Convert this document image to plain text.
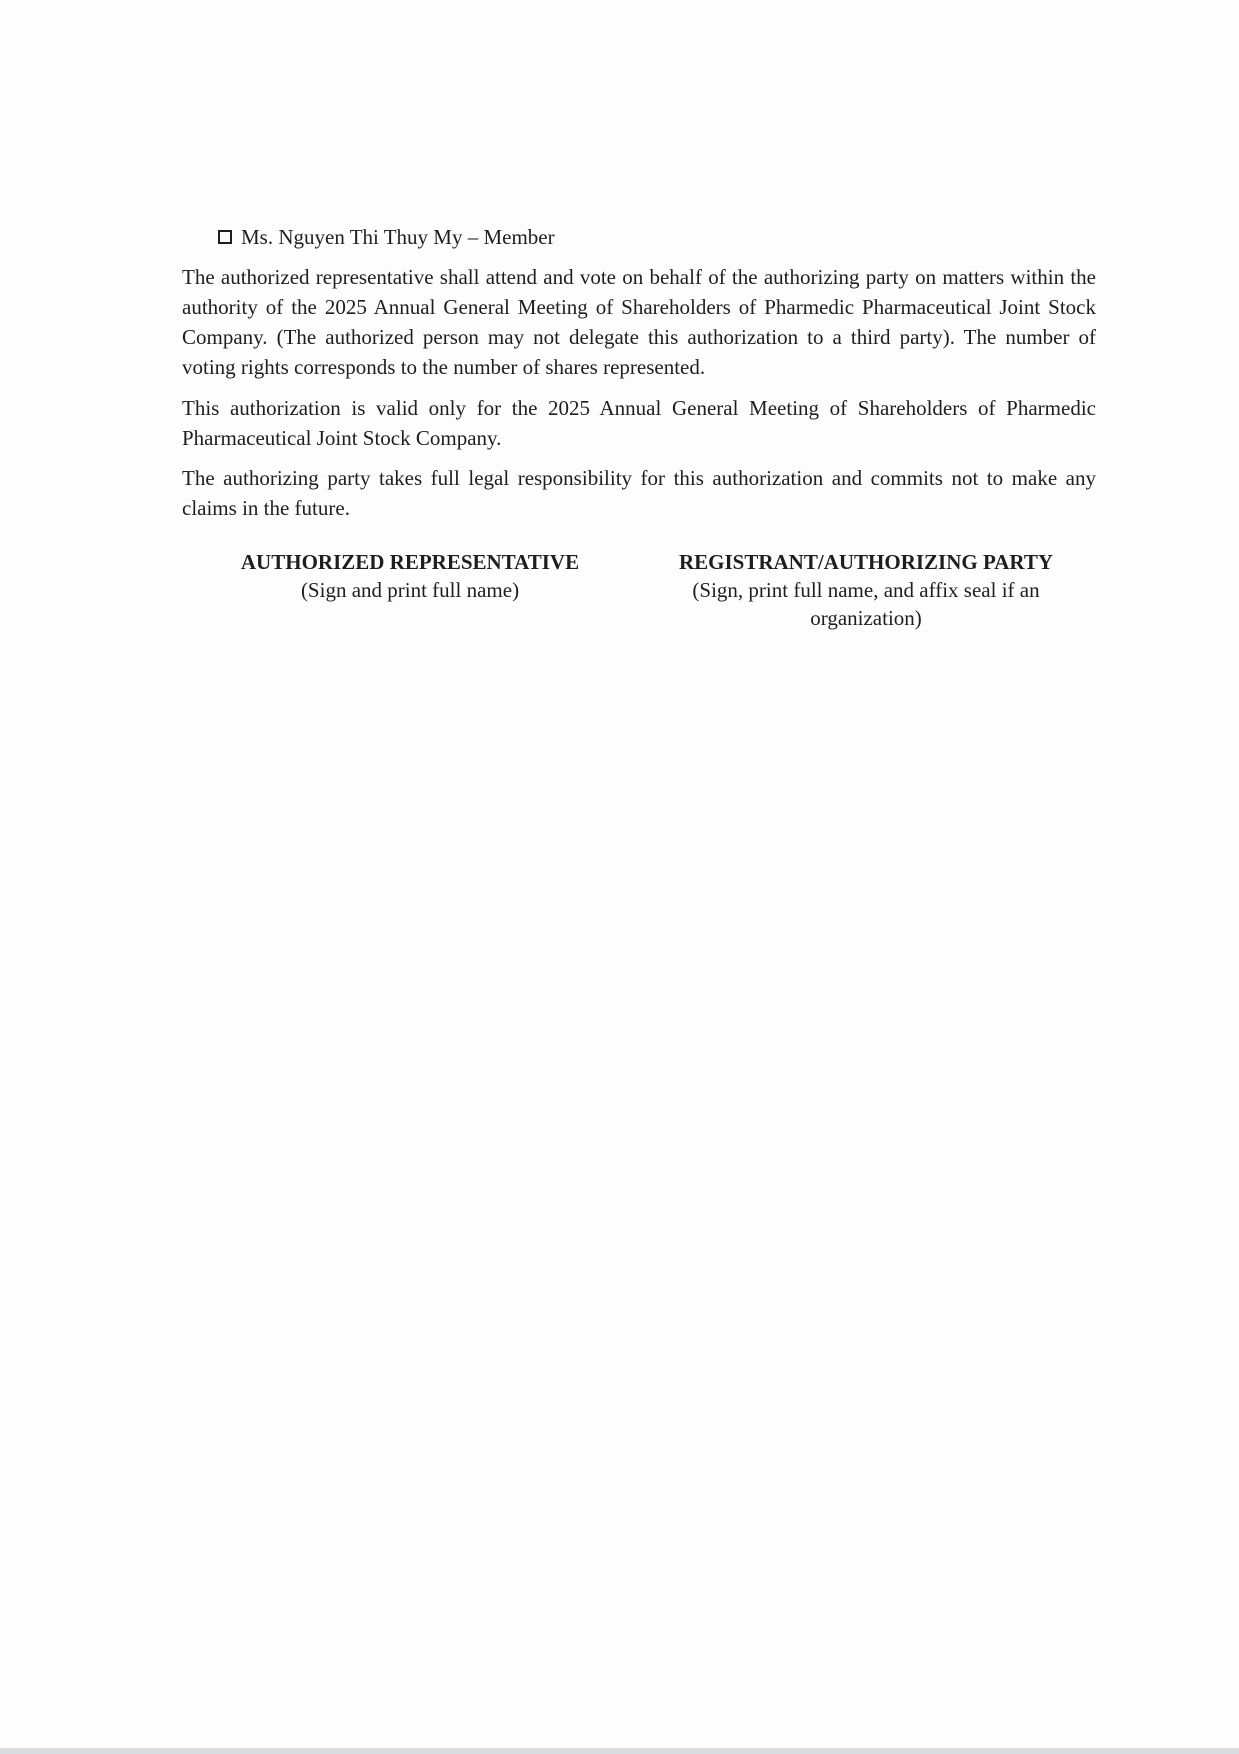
Ms. Nguyen Thi Thuy My – Member

The authorized representative shall attend and vote on behalf of the authorizing party on matters within the authority of the 2025 Annual General Meeting of Shareholders of Pharmedic Pharmaceutical Joint Stock Company. (The authorized person may not delegate this authorization to a third party). The number of voting rights corresponds to the number of shares represented.

This authorization is valid only for the 2025 Annual General Meeting of Shareholders of Pharmedic Pharmaceutical Joint Stock Company.

The authorizing party takes full legal responsibility for this authorization and commits not to make any claims in the future.

AUTHORIZED REPRESENTATIVE
(Sign and print full name)
REGISTRANT/AUTHORIZING PARTY
(Sign, print full name, and affix seal if an organization)
